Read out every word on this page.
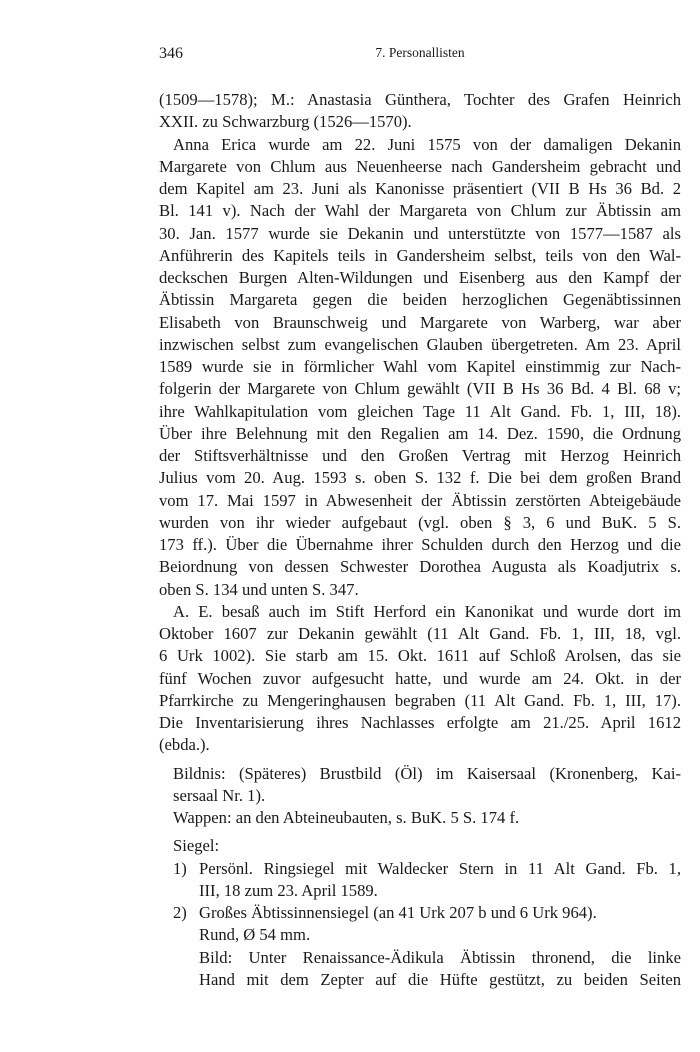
346	7. Personallisten
(1509—1578); M.: Anastasia Günthera, Tochter des Grafen Heinrich
XXII. zu Schwarzburg (1526—1570).
Anna Erica wurde am 22. Juni 1575 von der damaligen Dekanin
Margarete von Chlum aus Neuenheerse nach Gandersheim gebracht und
dem Kapitel am 23. Juni als Kanonisse präsentiert (VII B Hs 36 Bd. 2
Bl. 141 v). Nach der Wahl der Margareta von Chlum zur Äbtissin am
30. Jan. 1577 wurde sie Dekanin und unterstützte von 1577—1587 als
Anführerin des Kapitels teils in Gandersheim selbst, teils von den Wal-
deckschen Burgen Alten-Wildungen und Eisenberg aus den Kampf der
Äbtissin Margareta gegen die beiden herzoglichen Gegenäbtissinnen
Elisabeth von Braunschweig und Margarete von Warberg, war aber
inzwischen selbst zum evangelischen Glauben übergetreten. Am 23. April
1589 wurde sie in förmlicher Wahl vom Kapitel einstimmig zur Nach-
folgerin der Margarete von Chlum gewählt (VII B Hs 36 Bd. 4 Bl. 68 v;
ihre Wahlkapitulation vom gleichen Tage 11 Alt Gand. Fb. 1, III, 18).
Über ihre Belehnung mit den Regalien am 14. Dez. 1590, die Ordnung
der Stiftsverhältnisse und den Großen Vertrag mit Herzog Heinrich
Julius vom 20. Aug. 1593 s. oben S. 132 f. Die bei dem großen Brand
vom 17. Mai 1597 in Abwesenheit der Äbtissin zerstörten Abteigebäude
wurden von ihr wieder aufgebaut (vgl. oben § 3, 6 und BuK. 5 S.
173 ff.). Über die Übernahme ihrer Schulden durch den Herzog und die
Beiordnung von dessen Schwester Dorothea Augusta als Koadjutrix s.
oben S. 134 und unten S. 347.
A. E. besaß auch im Stift Herford ein Kanonikat und wurde dort im
Oktober 1607 zur Dekanin gewählt (11 Alt Gand. Fb. 1, III, 18, vgl.
6 Urk 1002). Sie starb am 15. Okt. 1611 auf Schloß Arolsen, das sie
fünf Wochen zuvor aufgesucht hatte, und wurde am 24. Okt. in der
Pfarrkirche zu Mengeringhausen begraben (11 Alt Gand. Fb. 1, III, 17).
Die Inventarisierung ihres Nachlasses erfolgte am 21./25. April 1612
(ebda.).
Bildnis: (Späteres) Brustbild (Öl) im Kaisersaal (Kronenberg, Kai-
sersaal Nr. 1).
Wappen: an den Abteineubauten, s. BuK. 5 S. 174 f.
Siegel:
1) Persönl. Ringsiegel mit Waldecker Stern in 11 Alt Gand. Fb. 1,
III, 18 zum 23. April 1589.
2) Großes Äbtissinnensiegel (an 41 Urk 207 b und 6 Urk 964).
Rund, Ø 54 mm.
Bild: Unter Renaissance-Ädikula Äbtissin thronend, die linke
Hand mit dem Zepter auf die Hüfte gestützt, zu beiden Seiten
